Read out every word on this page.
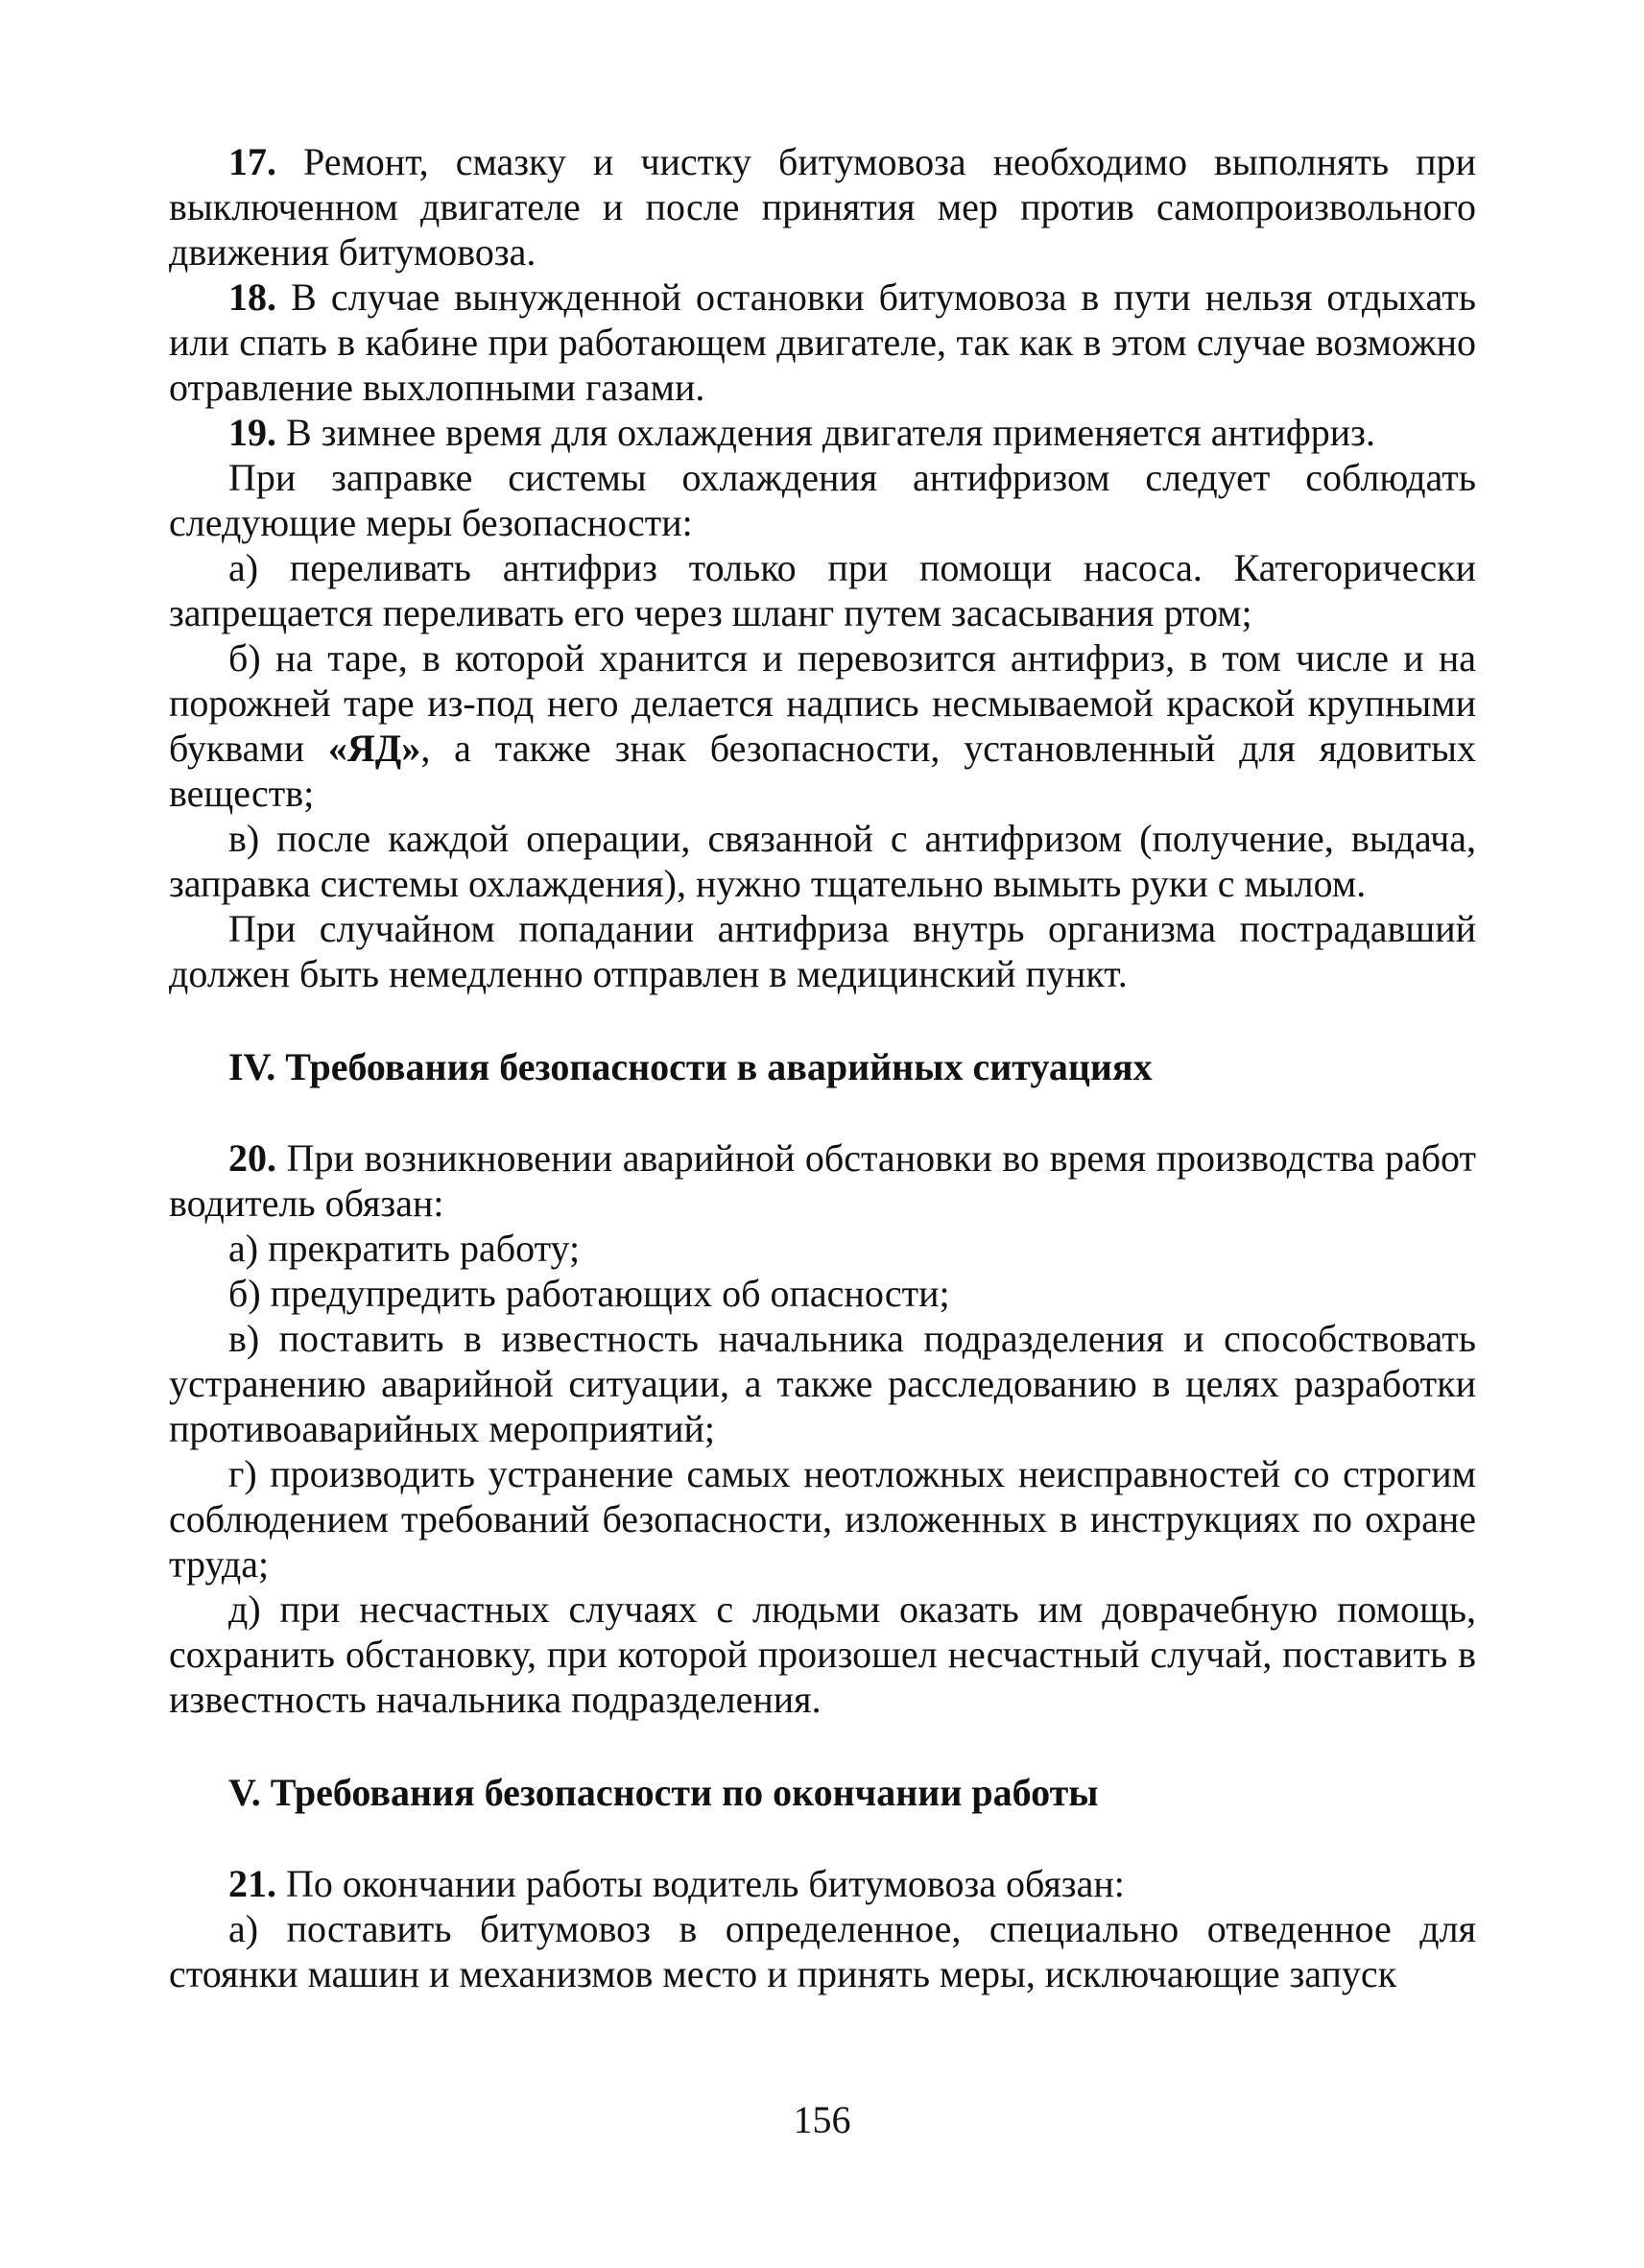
17. Ремонт, смазку и чистку битумовоза необходимо выполнять при выключенном двигателе и после принятия мер против самопроизвольного движения битумовоза.

18. В случае вынужденной остановки битумовоза в пути нельзя отдыхать или спать в кабине при работающем двигателе, так как в этом случае возможно отравление выхлопными газами.

19. В зимнее время для охлаждения двигателя применяется антифриз.

При заправке системы охлаждения антифризом следует соблюдать следующие меры безопасности:

а) переливать антифриз только при помощи насоса. Категорически запрещается переливать его через шланг путем засасывания ртом;

б) на таре, в которой хранится и перевозится антифриз, в том числе и на порожней таре из-под него делается надпись несмываемой краской крупными буквами «ЯД», а также знак безопасности, установленный для ядовитых веществ;

в) после каждой операции, связанной с антифризом (получение, выдача, заправка системы охлаждения), нужно тщательно вымыть руки с мылом.

При случайном попадании антифриза внутрь организма пострадавший должен быть немедленно отправлен в медицинский пункт.

IV. Требования безопасности в аварийных ситуациях

20. При возникновении аварийной обстановки во время производства работ водитель обязан:

а) прекратить работу;

б) предупредить работающих об опасности;

в) поставить в известность начальника подразделения и способствовать устранению аварийной ситуации, а также расследованию в целях разработки противоаварийных мероприятий;

г) производить устранение самых неотложных неисправностей со строгим соблюдением требований безопасности, изложенных в инструкциях по охране труда;

д) при несчастных случаях с людьми оказать им доврачебную помощь, сохранить обстановку, при которой произошел несчастный случай, поставить в известность начальника подразделения.

V. Требования безопасности по окончании работы

21. По окончании работы водитель битумовоза обязан:

а) поставить битумовоз в определенное, специально отведенное для стоянки машин и механизмов место и принять меры, исключающие запуск

156
